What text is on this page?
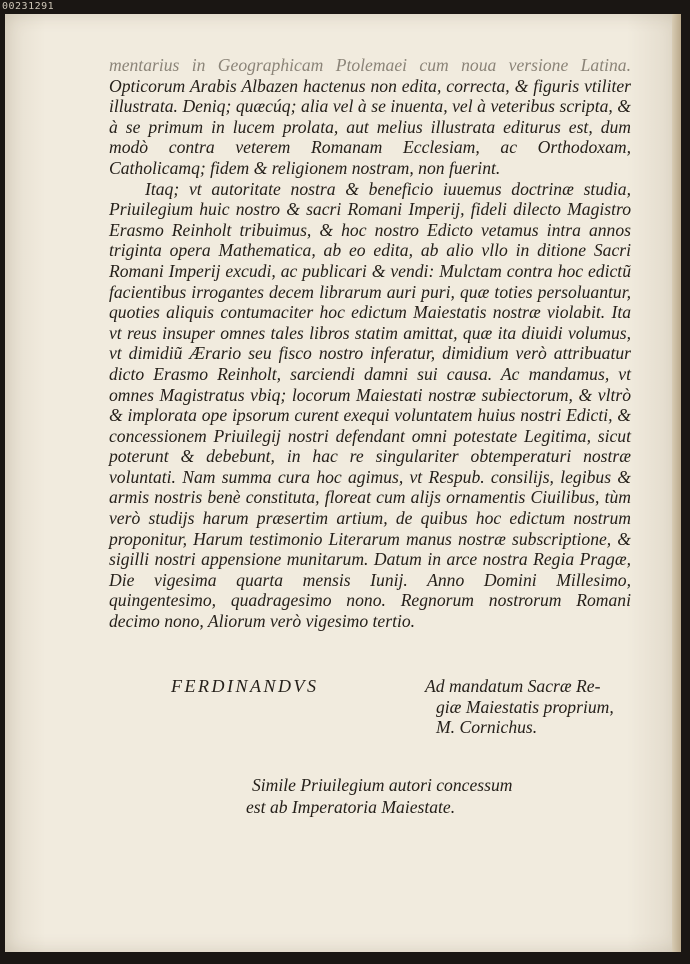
00231291

mentarius in Geographicam Ptolemaei cum noua versione Latina. Opticorum Arabis Albazen hactenus non edita, correcta, & figuris vtiliter illustrata. Deniq; quæcúq; alia vel à se inuenta, vel à veteribus scripta, & à se primum in lucem prolata, aut melius illustrata editurus est, dum modò contra veterem Romanam Ecclesiam, ac Orthodoxam, Catholicamq; fidem & religionem nostram, non fuerint.

Itaq; vt autoritate nostra & beneficio iuuemus doctrinæ studia, Priuilegium huic nostro & sacri Romani Imperij, fideli dilecto Magistro Erasmo Reinholt tribuimus, & hoc nostro Edicto vetamus intra annos triginta opera Mathematica, ab eo edita, ab alio vllo in ditione Sacri Romani Imperij excudi, ac publicari & vendi: Mulctam contra hoc edictũ facientibus irrogantes decem librarum auri puri, quæ toties persoluantur, quoties aliquis contumaciter hoc edictum Maiestatis nostræ violabit. Ita vt reus insuper omnes tales libros statim amittat, quæ ita diuidi volumus, vt dimidiũ Ærario seu fisco nostro inferatur, dimidium verò attribuatur dicto Erasmo Reinholt, sarciendi damni sui causa. Ac mandamus, vt omnes Magistratus vbiq; locorum Maiestati nostræ subiectorum, & vltrò & implorata ope ipsorum curent exequi voluntatem huius nostri Edicti, & concessionem Priuilegij nostri defendant omni potestate Legitima, sicut poterunt & debebunt, in hac re singulariter obtemperaturi nostræ voluntati. Nam summa cura hoc agimus, vt Respub. consilijs, legibus & armis nostris benè constituta, floreat cum alijs ornamentis Ciuilibus, tùm verò studijs harum præsertim artium, de quibus hoc edictum nostrum proponitur, Harum testimonio Literarum manus nostræ subscriptione, & sigilli nostri appensione munitarum. Datum in arce nostra Regia Pragæ, Die vigesima quarta mensis Iunij. Anno Domini Millesimo, quingentesimo, quadragesimo nono. Regnorum nostrorum Romani decimo nono, Aliorum verò vigesimo tertio.

FERDINANDVS	Ad mandatum Sacræ Re-
giæ Maiestatis proprium,
M. Cornichus.
Simile Priuilegium autori concessum
est ab Imperatoria Maiestate.
